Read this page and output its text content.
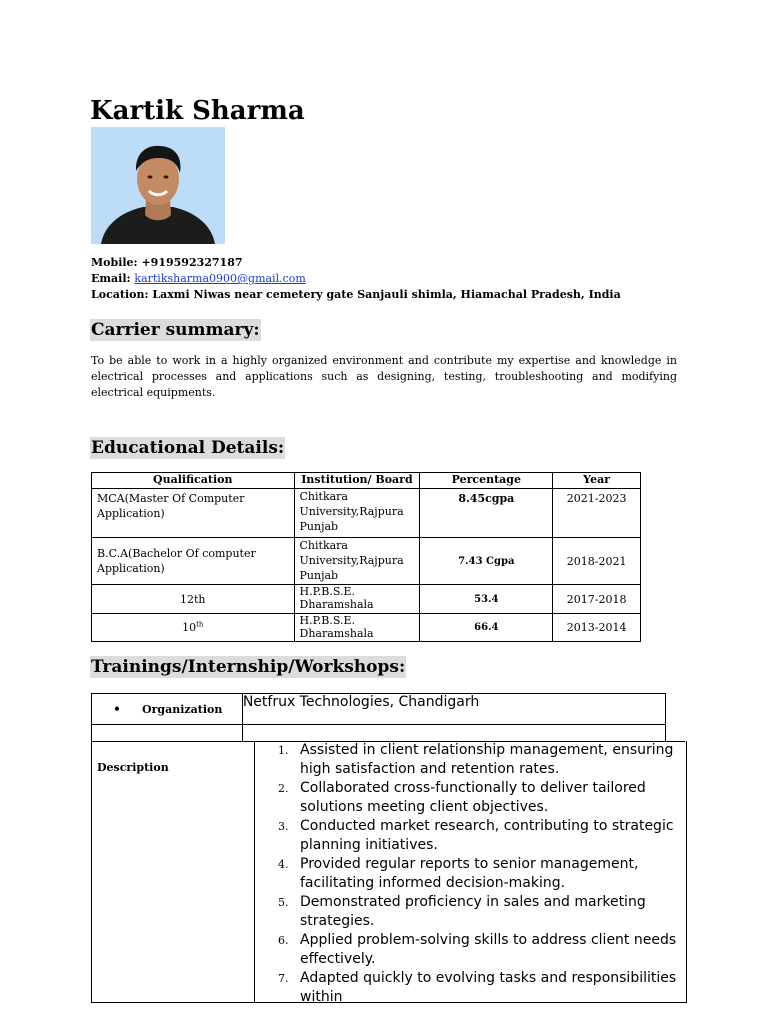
Kartik Sharma
Mobile: +919592327187
Email: kartiksharma0900@gmail.com
Location: Laxmi Niwas near cemetery gate Sanjauli shimla, Hiamachal Pradesh, India
Carrier summary:
To be able to work in a highly organized environment and contribute my expertise and knowledge in electrical processes and applications such as designing, testing, troubleshooting and modifying electrical equipments.
Educational Details:
Qualification	Institution/ Board	Percentage	Year
MCA(Master Of Computer Application)	Chitkara University,Rajpura Punjab	8.45cgpa	2021-2023
B.C.A(Bachelor Of computer Application)	Chitkara University,Rajpura Punjab	7.43 Cgpa	2018-2021
12th	H.P.B.S.E. Dharamshala	53.4	2017-2018
10th	H.P.B.S.E. Dharamshala	66.4	2013-2014
Trainings/Internship/Workshops:
• Organization	Netfrux Technologies, Chandigarh

Description
1. Assisted in client relationship management, ensuring high satisfaction and retention rates.
2. Collaborated cross-functionally to deliver tailored solutions meeting client objectives.
3. Conducted market research, contributing to strategic planning initiatives.
4. Provided regular reports to senior management, facilitating informed decision-making.
5. Demonstrated proficiency in sales and marketing strategies.
6. Applied problem-solving skills to address client needs effectively.
7. Adapted quickly to evolving tasks and responsibilities within
